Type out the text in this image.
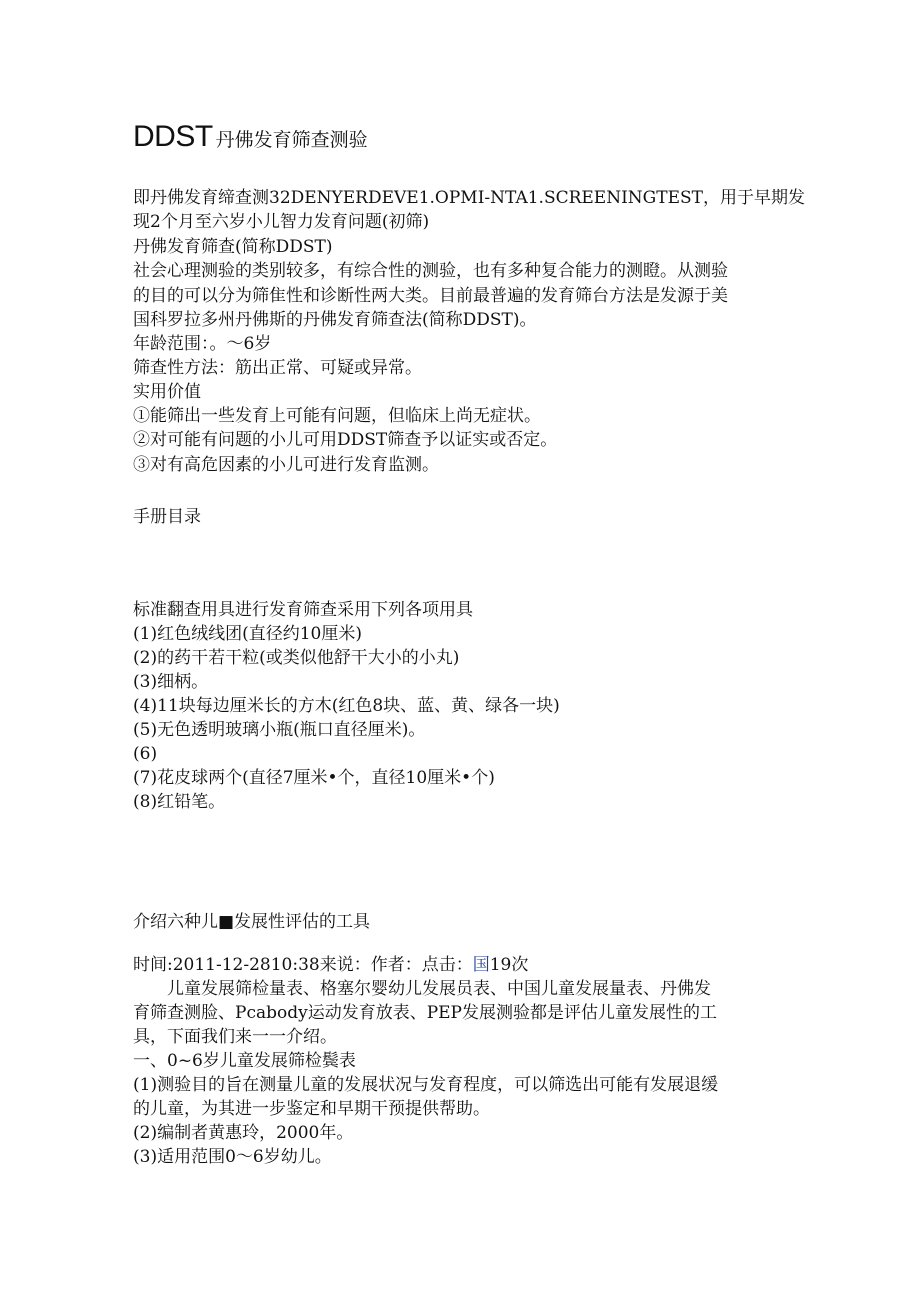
DDST 丹佛发育筛查测验
即丹佛发育缔查测32DENYERDEVE1.OPMI-NTA1.SCREENINGTEST，用于早期发
现2个月至六岁小儿智力发育问题(初筛)
丹佛发育筛查(简称DDST)
社会心理测验的类别较多，有综合性的测验，也有多种复合能力的测瞪。从测验
的目的可以分为筛隹性和诊断性两大类。目前最普遍的发育筛台方法是发源于美
国科罗拉多州丹佛斯的丹佛发育筛查法(简称DDST)。
年龄范围：。〜6岁
筛查性方法：筋出正常、可疑或异常。
实用价值
①能筛出一些发育上可能有问题，但临床上尚无症状。
②对可能有问题的小儿可用DDST筛查予以证实或否定。
③对有高危因素的小儿可进行发育监测。
手册目录
标准翻查用具进行发育筛查采用下列各项用具
(1)红色绒线团(直径约10厘米)
(2)的药干若干粒(或类似他舒干大小的小丸)
(3)细柄。
(4)11块每边厘米长的方木(红色8块、蓝、黄、绿各一块)
(5)无色透明玻璃小瓶(瓶口直径厘米)。
(6)
(7)花皮球两个(直径7厘米•个，直径10厘米•个)
(8)红铅笔。
介绍六种儿■发展性评估的工具
时间:2011-12-2810:38来说：作者：点击：国19次
儿童发展筛检量表、格塞尔婴幼儿发展员表、中国儿童发展量表、丹佛发
育筛查测脸、Pcabody运动发育放表、PEP发展测验都是评估儿童发展性的工
具，下面我们来一一介绍。
一、0~6岁儿童发展筛检鬓表
(1)测验目的旨在测量儿童的发展状况与发育程度，可以筛选出可能有发展退缓
的儿童，为其进一步鉴定和早期干预提供帮助。
(2)编制者黄惠玲，2000年。
(3)适用范围0〜6岁幼儿。
